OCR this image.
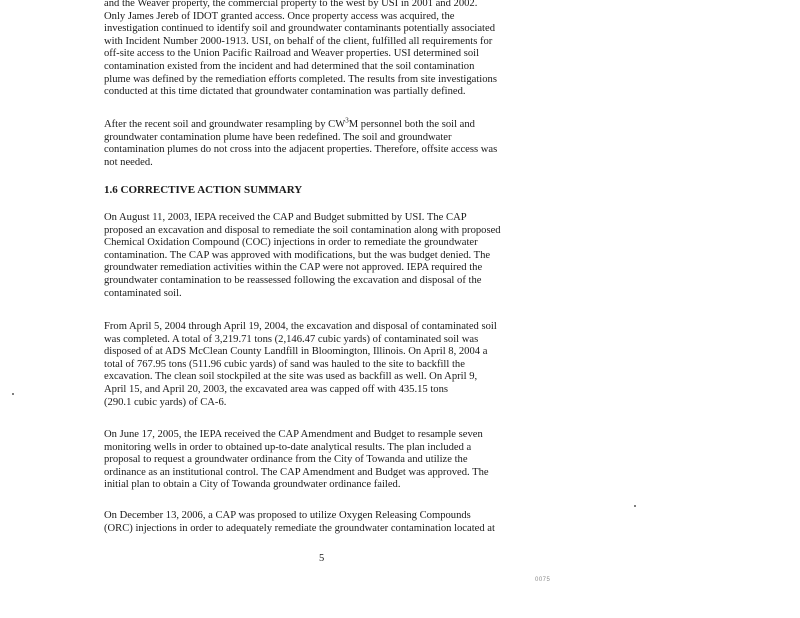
and the Weaver property, the commercial property to the west by USI in 2001 and 2002.
Only James Jereb of IDOT granted access. Once property access was acquired, the
investigation continued to identify soil and groundwater contaminants potentially associated
with Incident Number 2000-1913. USI, on behalf of the client, fulfilled all requirements for
off-site access to the Union Pacific Railroad and Weaver properties. USI determined soil
contamination existed from the incident and had determined that the soil contamination
plume was defined by the remediation efforts completed. The results from site investigations
conducted at this time dictated that groundwater contamination was partially defined.
After the recent soil and groundwater resampling by $CW^3M$ personnel both the soil and
groundwater contamination plume have been redefined. The soil and groundwater
contamination plumes do not cross into the adjacent properties. Therefore, offsite access was
not needed.
1.6 CORRECTIVE ACTION SUMMARY
On August 11, 2003, IEPA received the CAP and Budget submitted by USI. The CAP
proposed an excavation and disposal to remediate the soil contamination along with proposed
Chemical Oxidation Compound (COC) injections in order to remediate the groundwater
contamination. The CAP was approved with modifications, but the was budget denied. The
groundwater remediation activities within the CAP were not approved. IEPA required the
groundwater contamination to be reassessed following the excavation and disposal of the
contaminated soil.
From April 5, 2004 through April 19, 2004, the excavation and disposal of contaminated soil
was completed. A total of 3,219.71 tons (2,146.47 cubic yards) of contaminated soil was
disposed of at ADS McClean County Landfill in Bloomington, Illinois. On April 8, 2004 a
total of 767.95 tons (511.96 cubic yards) of sand was hauled to the site to backfill the
excavation. The clean soil stockpiled at the site was used as backfill as well. On April 9,
April 15, and April 20, 2003, the excavated area was capped off with 435.15 tons
(290.1 cubic yards) of CA-6.
On June 17, 2005, the IEPA received the CAP Amendment and Budget to resample seven
monitoring wells in order to obtained up-to-date analytical results. The plan included a
proposal to request a groundwater ordinance from the City of Towanda and utilize the
ordinance as an institutional control. The CAP Amendment and Budget was approved. The
initial plan to obtain a City of Towanda groundwater ordinance failed.
On December 13, 2006, a CAP was proposed to utilize Oxygen Releasing Compounds
(ORC) injections in order to adequately remediate the groundwater contamination located at
5
0075
